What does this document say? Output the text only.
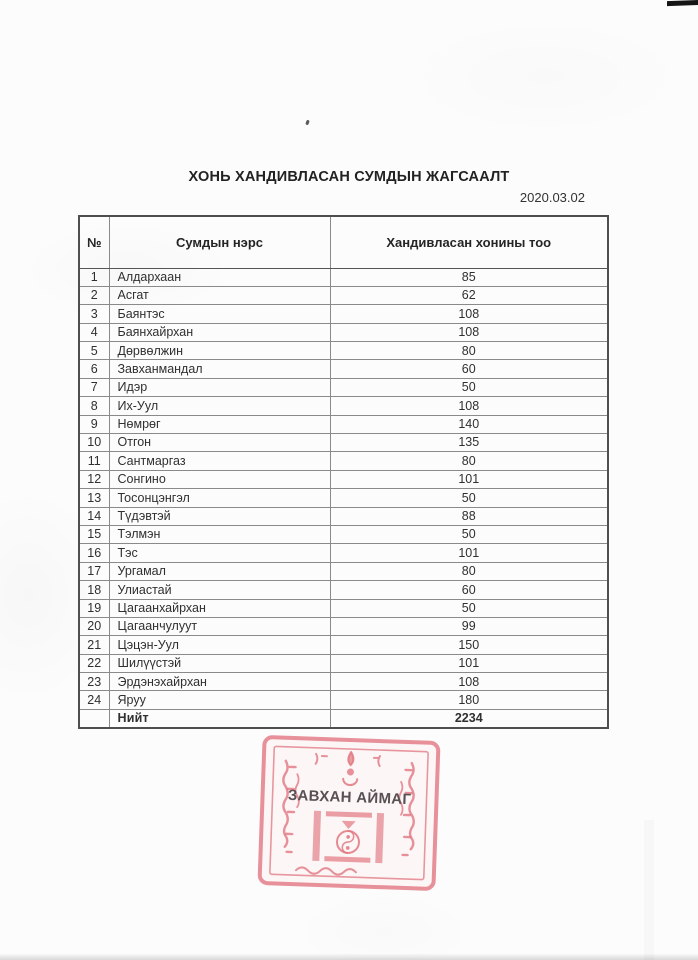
ХОНЬ ХАНДИВЛАСАН СУМДЫН ЖАГСААЛТ
2020.03.02
№	Сумдын нэрс	Хандивласан хонины тоо
1	Алдархаан	85
2	Асгат	62
3	Баянтэс	108
4	Баянхайрхан	108
5	Дөрвөлжин	80
6	Завханмандал	60
7	Идэр	50
8	Их-Уул	108
9	Нөмрөг	140
10	Отгон	135
11	Сантмаргаз	80
12	Сонгино	101
13	Тосонцэнгэл	50
14	Түдэвтэй	88
15	Тэлмэн	50
16	Тэс	101
17	Ургамал	80
18	Улиастай	60
19	Цагаанхайрхан	50
20	Цагаанчулуут	99
21	Цэцэн-Уул	150
22	Шилүүстэй	101
23	Эрдэнэхайрхан	108
24	Яруу	180
	Нийт	2234
ЗАВХАН АЙМАГ
